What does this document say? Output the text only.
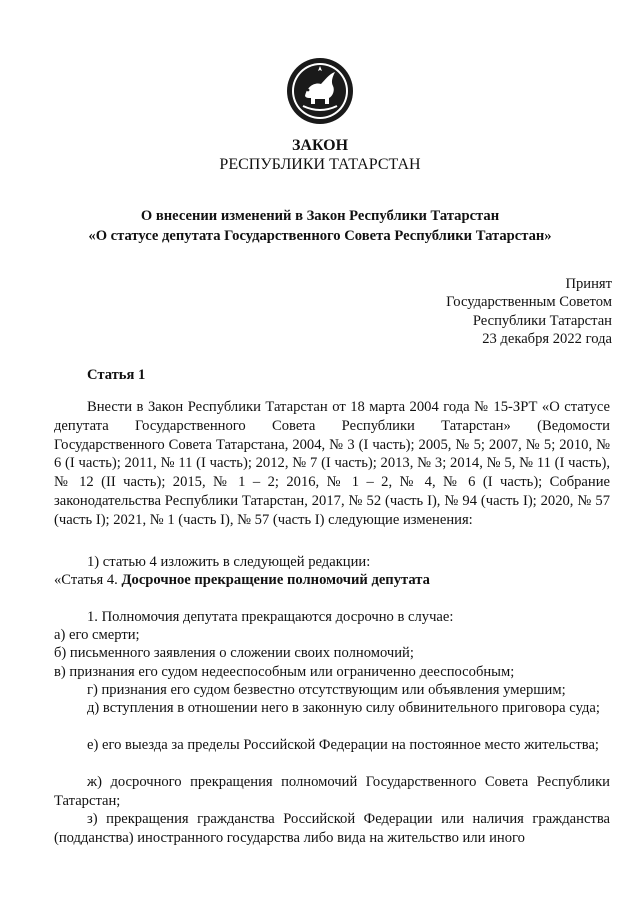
ЗАКОН
РЕСПУБЛИКИ ТАТАРСТАН
О внесении изменений в Закон Республики Татарстан
«О статусе депутата Государственного Совета Республики Татарстан»
Принят
Государственным Советом
Республики Татарстан
23 декабря 2022 года
Статья 1

Внести в Закон Республики Татарстан от 18 марта 2004 года № 15-ЗРТ «О статусе депутата Государственного Совета Республики Татарстан» (Ведомости Государственного Совета Татарстана, 2004, № 3 (I часть); 2005, № 5; 2007, № 5; 2010, № 6 (I часть); 2011, № 11 (I часть); 2012, № 7 (I часть); 2013, № 3; 2014, № 5, № 11 (I часть), № 12 (II часть); 2015, № 1 – 2; 2016, № 1 – 2, № 4, № 6 (I часть); Собрание законодательства Республики Татарстан, 2017, № 52 (часть I), № 94 (часть I); 2020, № 57 (часть I); 2021, № 1 (часть I), № 57 (часть I) следующие изменения:

1) статью 4 изложить в следующей редакции:
«Статья 4. Досрочное прекращение полномочий депутата
1. Полномочия депутата прекращаются досрочно в случае:
а) его смерти;
б) письменного заявления о сложении своих полномочий;
в) признания его судом недееспособным или ограниченно дееспособным;
г) признания его судом безвестно отсутствующим или объявления умершим;

д) вступления в отношении него в законную силу обвинительного приговора суда;

е) его выезда за пределы Российской Федерации на постоянное место жительства;

ж) досрочного прекращения полномочий Государственного Совета Республики Татарстан;

з) прекращения гражданства Российской Федерации или наличия гражданства (подданства) иностранного государства либо вида на жительство или иного
